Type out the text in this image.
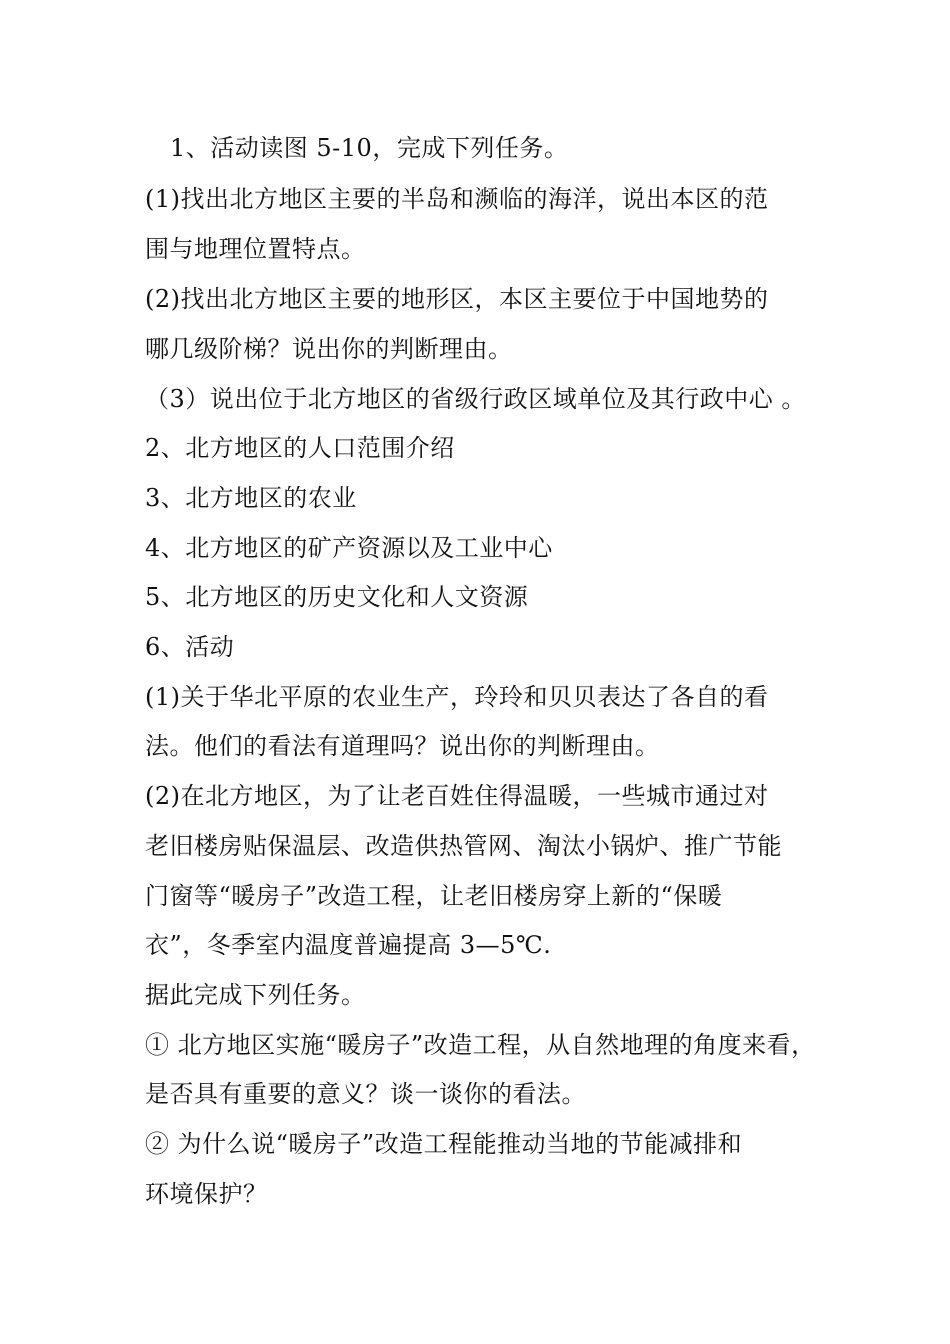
1、活动读图 5-10，完成下列任务。
(1)找出北方地区主要的半岛和濒临的海洋，说出本区的范
围与地理位置特点。
(2)找出北方地区主要的地形区，本区主要位于中国地势的
哪几级阶梯？说出你的判断理由。
（3）说出位于北方地区的省级行政区域单位及其行政中心 。
2、北方地区的人口范围介绍
3、北方地区的农业
4、北方地区的矿产资源以及工业中心
5、北方地区的历史文化和人文资源
6、活动
(1)关于华北平原的农业生产，玲玲和贝贝表达了各自的看
法。他们的看法有道理吗？说出你的判断理由。
(2)在北方地区，为了让老百姓住得温暖，一些城市通过对
老旧楼房贴保温层、改造供热管网、淘汰小锅炉、推广节能
门窗等“暖房子”改造工程，让老旧楼房穿上新的“保暖
衣”，冬季室内温度普遍提高 3—5℃.
据此完成下列任务。
① 北方地区实施“暖房子”改造工程，从自然地理的角度来看，
是否具有重要的意义？谈一谈你的看法。
② 为什么说“暖房子”改造工程能推动当地的节能减排和
环境保护？
